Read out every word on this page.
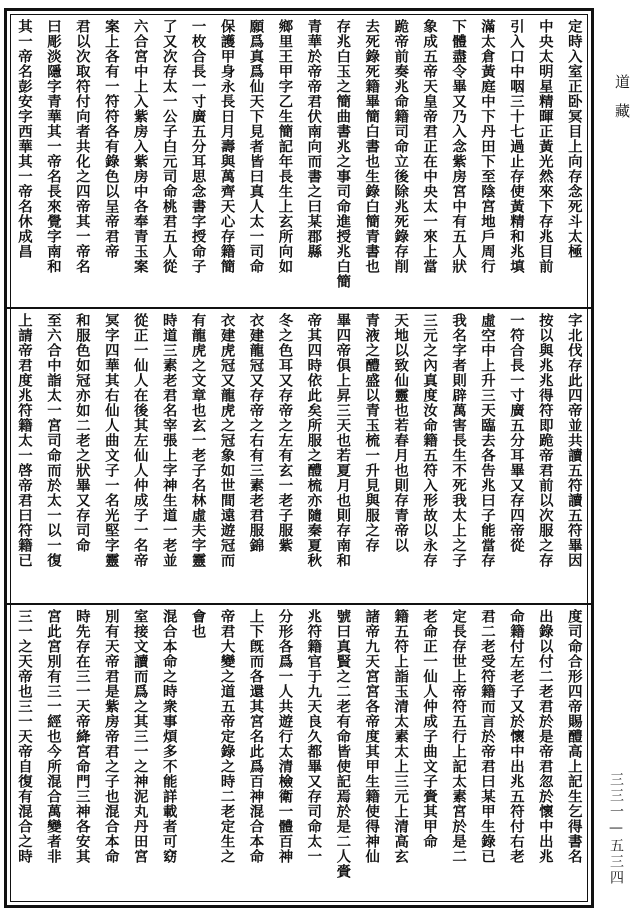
定時入室正卧冥目上向存念死斗太極
中央太明星精暉正黃光然來下存兆目前
引入口中咽三十七過止存使黃精和兆填
滿太倉黃庭中下丹田下至陰宮地戶周行
下體盡令畢又乃入念紫房宮中有五人狀
象成五帝天皇帝君正在中央太一來上當
跪帝前奏兆命籍司命立後除兆死錄存削
去死錄死籍畢簡白書也生錄白簡青書也
存兆白玉之簡曲書兆之事司命進授兆白簡
青華於帝帝君伏南向而書之曰某郡縣
鄉里王甲字乙生簡記年長生上玄所向如
願爲真爲仙天下見者皆曰真人太一司命
保護甲身永長日月壽與萬齊天心存籍簡
一枚合長一寸廣五分耳思念書字授命子
了又次存太一公子白元司命桃君五人從
六合宮中上入紫房入紫房中各奉青玉案
案上各有一符符各有錄色以呈帝君帝
君以次取符付向者共化之四帝其一帝名
曰彫淡隱字青華其一帝名長來覺字南和
其一帝名彭安字西華其一帝名休成昌
字北伐存此四帝並共讀五符讀五符畢因
按以與兆兆得符即跪帝君前以次服之存
一符合長一寸廣五分耳畢又存四帝從
虛空中上升三天臨去各告兆曰子能當存
我名字者則辟萬害長生不死我太上之子
三元之內真度汝命籍五符入形故以永存
天地以致仙靈也若春月也則存青帝以
青液之醴盛以青玉梳一升見與服之存
畢四帝俱上昇三天也若夏月也則存南和
帝其四時依此矣所服之醴梳亦隨秦夏秋
冬之色耳又存帝之左有玄一老子服紫
衣建龍冠又存帝之右有三素老君服錦
衣建虎冠又龍虎之冠象如世間遠遊冠而
有龍虎之文章也玄一老子名林虛夫字靈
時道三素老君名宰張上字神生道一老並
從正一仙人在後其左仙人仲成子一名帝
冥字四華其右仙人曲文子一名光堅字靈
和服色如冠亦如二老之狀畢又存司命
至六合中詣太一宮司命而於太一以一復
上請帝君度兆符籍太一啓帝君曰符籍已
度司命合形四帝賜醴高上記生乞得書名
出錄以付二老君於是帝君忽於懷中出兆
命籍付左老子又於懷中出兆五符付右老
君二老受符籍而言於帝君曰某甲生錄已
定長存世上帝符五行上記太素宮於是二
老命正一仙人仲成子曲文子賫其甲命
籍五符上詣玉清太素太上三元上清高玄
諸帝九天宮宮各帝度其甲生籍使得神仙
號曰真賢之二老有命皆使記焉於是二人賫
兆符籍官于九天良久都畢又存司命太一
分形各爲一人共遊行太清檢衛一體百神
上下旣而各還其宮名此爲百神混合本命
帝君大變之道五帝定錄之時二老定生之
會也
混合本命之時衆事煩多不能詳載者可窈
室接文讀而爲之其三一之神泥丸丹田宮
別有天帝君是紫房帝君之子也混合本命
時先存在三一天帝絳宮命門三神各安其
宮此宮別有三一經也今所混合萬變者非
三一之天帝也三一天帝自復有混合之時
道藏
三三一—五三四
